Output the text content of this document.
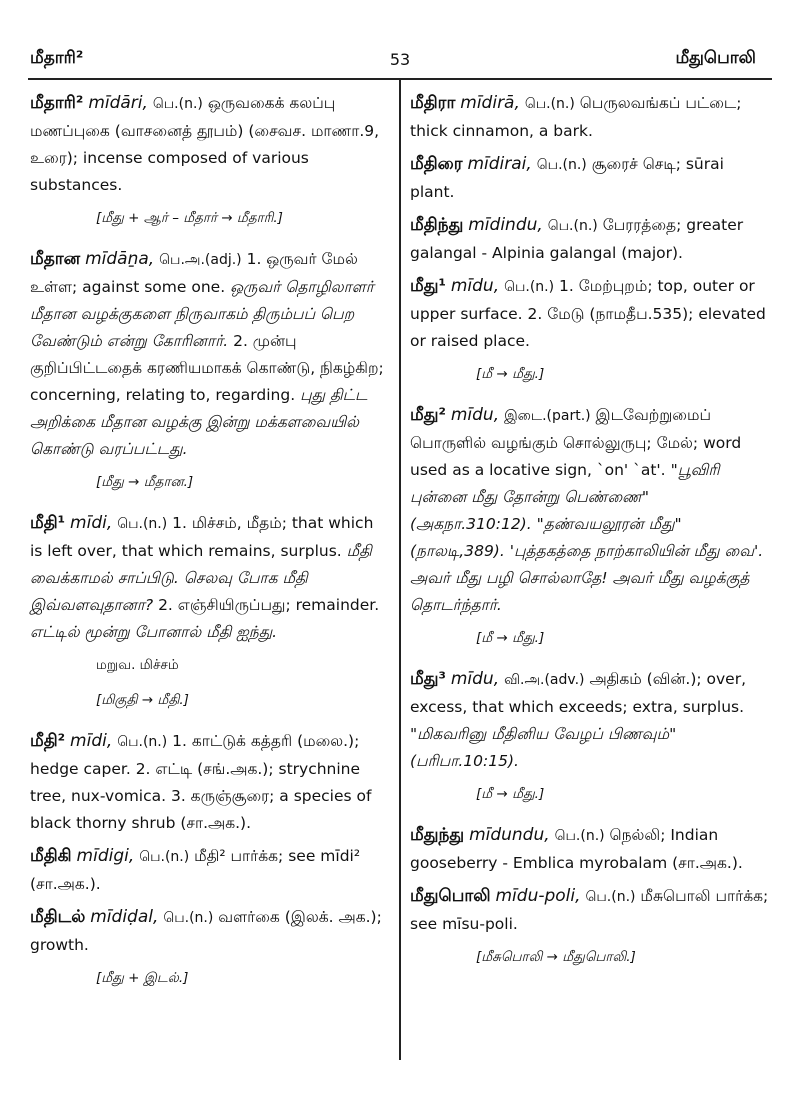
மீதாரி²	53	மீதுபொலி
மீதாரி² mīdāri, பெ.(n.) ஒருவகைக் கலப்பு மணப்புகை (வாசனைத் தூபம்) (சைவச. மாணா.9, உரை); incense composed of various substances.
[மீது + ஆர் – மீதார் → மீதாரி.]
மீதான mīdāṉa, பெ.அ.(adj.) 1. ஒருவர் மேல் உள்ள; against some one. ஒருவர் தொழிலாளர் மீதான வழக்குகளை நிருவாகம் திரும்பப் பெற வேண்டும் என்று கோரினார். 2. முன்பு குறிப்பிட்டதைக் கரணியமாகக் கொண்டு, நிகழ்கிற; concerning, relating to, regarding. புது திட்ட அறிக்கை மீதான வழக்கு இன்று மக்களவையில் கொண்டு வரப்பட்டது.
[மீது → மீதான.]
மீதி¹ mīdi, பெ.(n.) 1. மிச்சம், மீதம்; that which is left over, that which remains, surplus. மீதி வைக்காமல் சாப்பிடு. செலவு போக மீதி இவ்வளவுதானா? 2. எஞ்சியிருப்பது; remainder. எட்டில் மூன்று போனால் மீதி ஐந்து.
மறுவ. மிச்சம்
[மிகுதி → மீதி.]
மீதி² mīdi, பெ.(n.) 1. காட்டுக் கத்தரி (மலை.); hedge caper. 2. எட்டி (சங்.அக.); strychnine tree, nux-vomica. 3. கருஞ்சூரை; a species of black thorny shrub (சா.அக.).
மீதிகி mīdigi, பெ.(n.) மீதி² பார்க்க; see mīdi² (சா.அக.).
மீதிடல் mīdiḍal, பெ.(n.) வளர்கை (இலக். அக.); growth.
[மீது + இடல்.]
மீதிரா mīdirā, பெ.(n.) பெருலவங்கப் பட்டை; thick cinnamon, a bark.
மீதிரை mīdirai, பெ.(n.) சூரைச் செடி; sūrai plant.
மீதிந்து mīdindu, பெ.(n.) பேரரத்தை; greater galangal - Alpinia galangal (major).
மீது¹ mīdu, பெ.(n.) 1. மேற்புறம்; top, outer or upper surface. 2. மேடு (நாமதீப.535); elevated or raised place.
[மீ → மீது.]
மீது² mīdu, இடை.(part.) இடவேற்றுமைப் பொருளில் வழங்கும் சொல்லுருபு; மேல்; word used as a locative sign, `on' `at'. "பூவிரி புன்னை மீது தோன்று பெண்ணை" (அகநா.310:12). "தண்வயலூரன் மீது" (நாலடி,389). 'புத்தகத்தை நாற்காலியின் மீது வை'. அவர் மீது பழி சொல்லாதே! அவர் மீது வழக்குத் தொடர்ந்தார்.
[மீ → மீது.]
மீது³ mīdu, வி.அ.(adv.) அதிகம் (வின்.); over, excess, that which exceeds; extra, surplus. "மிகவரினு மீதினிய வேழப் பிணவும்" (பரிபா.10:15).
[மீ → மீது.]
மீதுந்து mīdundu, பெ.(n.) நெல்லி; Indian gooseberry - Emblica myrobalam (சா.அக.).
மீதுபொலி mīdu-poli, பெ.(n.) மீசுபொலி பார்க்க; see mīsu-poli.
[மீசுபொலி → மீதுபொலி.]
